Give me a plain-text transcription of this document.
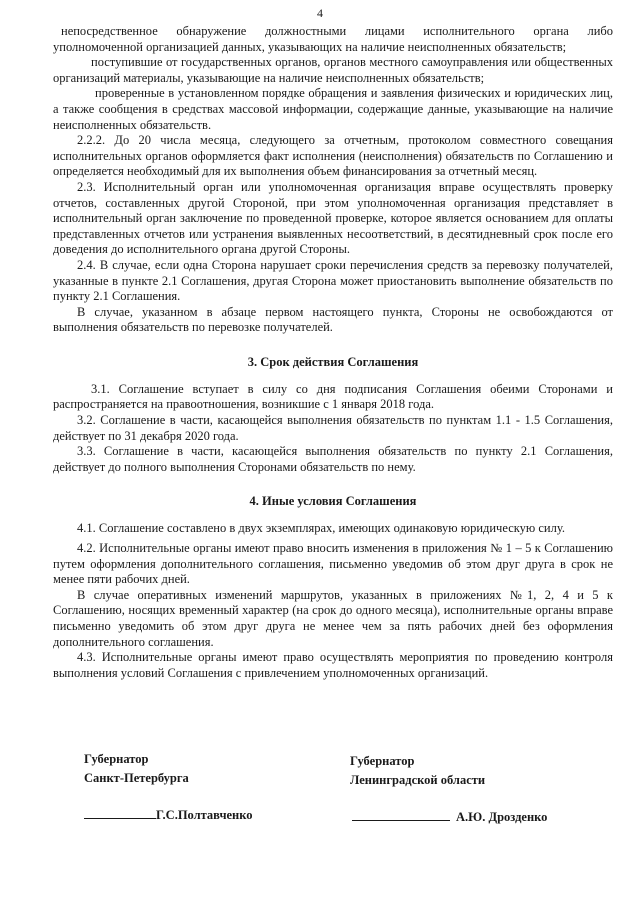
4

непосредственное обнаружение должностными лицами исполнительного органа либо уполномоченной организацией данных, указывающих на наличие неисполненных обязательств;

поступившие от государственных органов, органов местного самоуправления или общественных организаций материалы, указывающие на наличие неисполненных обязательств;

проверенные в установленном порядке обращения и заявления физических и юридических лиц, а также сообщения в средствах массовой информации, содержащие данные, указывающие на наличие неисполненных обязательств.

2.2.2. До 20 числа месяца, следующего за отчетным, протоколом совместного совещания исполнительных органов оформляется факт исполнения (неисполнения) обязательств по Соглашению и определяется необходимый для их выполнения объем финансирования за отчетный месяц.

2.3. Исполнительный орган или уполномоченная организация вправе осуществлять проверку отчетов, составленных другой Стороной, при этом уполномоченная организация представляет в исполнительный орган заключение по проведенной проверке, которое является основанием для оплаты представленных отчетов или устранения выявленных несоответствий, в десятидневный срок после его доведения до исполнительного органа другой Стороны.

2.4. В случае, если одна Сторона нарушает сроки перечисления средств за перевозку получателей, указанные в пункте 2.1 Соглашения, другая Сторона может приостановить выполнение обязательств по пункту 2.1 Соглашения.

В случае, указанном в абзаце первом настоящего пункта, Стороны не освобождаются от выполнения обязательств по перевозке получателей.

3. Срок действия Соглашения

3.1. Соглашение вступает в силу со дня подписания Соглашения обеими Сторонами и распространяется на правоотношения, возникшие с 1 января 2018 года.

3.2. Соглашение в части, касающейся выполнения обязательств по пунктам 1.1 - 1.5 Соглашения, действует по 31 декабря 2020 года.

3.3. Соглашение в части, касающейся выполнения обязательств по пункту 2.1 Соглашения, действует до полного выполнения Сторонами обязательств по нему.

4. Иные условия Соглашения

4.1. Соглашение составлено в двух экземплярах, имеющих одинаковую юридическую силу.

4.2. Исполнительные органы имеют право вносить изменения в приложения № 1 – 5 к Соглашению путем оформления дополнительного соглашения, письменно уведомив об этом друг друга в срок не менее пяти рабочих дней.

В случае оперативных изменений маршрутов, указанных в приложениях №1, 2, 4 и 5 к Соглашению, носящих временный характер (на срок до одного месяца), исполнительные органы вправе письменно уведомить об этом друг друга не менее чем за пять рабочих дней без оформления дополнительного соглашения.

4.3. Исполнительные органы имеют право осуществлять мероприятия по проведению контроля выполнения условий Соглашения с привлечением уполномоченных организаций.

Губернатор
Санкт-Петербурга
Губернатор
Ленинградской области
Г.С.Полтавченко	А.Ю. Дрозденко
